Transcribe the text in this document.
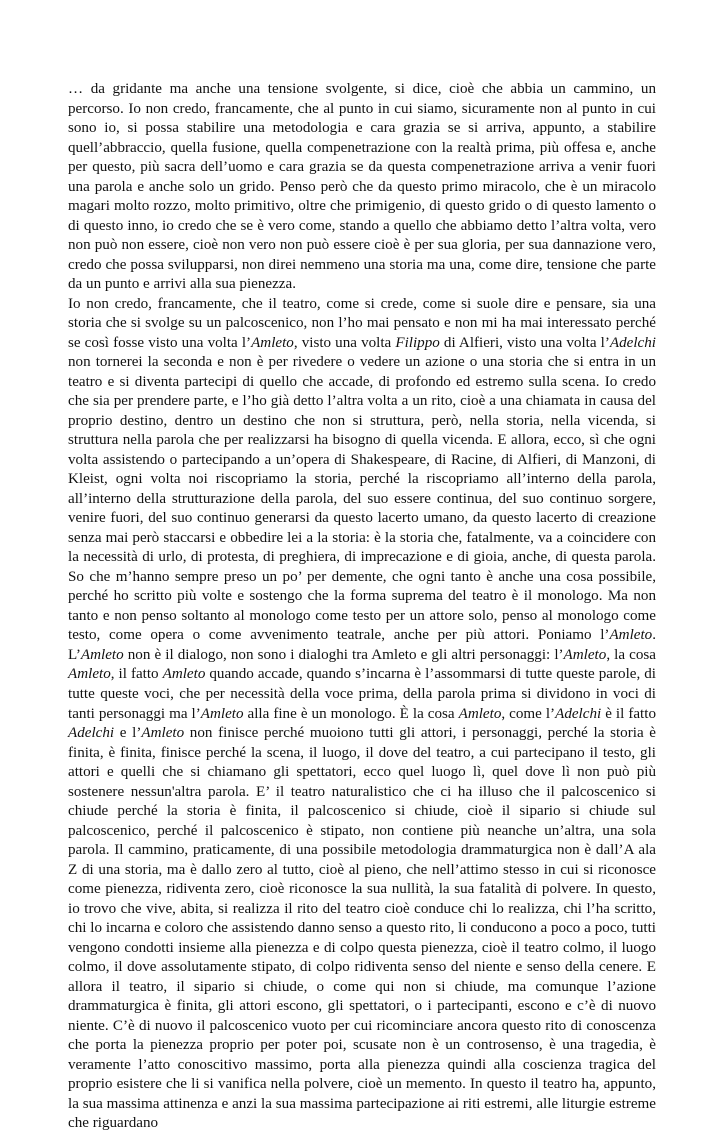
… da gridante ma anche una tensione svolgente, si dice, cioè che abbia un cammino, un percorso. Io non credo, francamente, che al punto in cui siamo, sicuramente non al punto in cui sono io, si possa stabilire una metodologia e cara grazia se si arriva, appunto, a stabilire quell’abbraccio, quella fusione, quella compenetrazione con la realtà prima, più offesa e, anche per questo, più sacra dell’uomo e cara grazia se da questa compenetrazione arriva a venir fuori una parola e anche solo un grido. Penso però che da questo primo miracolo, che è un miracolo magari molto rozzo, molto primitivo, oltre che primigenio, di questo grido o di questo lamento o di questo inno, io credo che se è vero come, stando a quello che abbiamo detto l’altra volta, vero non può non essere, cioè non vero non può essere cioè è per sua gloria, per sua dannazione vero, credo che possa svilupparsi, non direi nemmeno una storia ma una, come dire, tensione che parte da un punto e arrivi alla sua pienezza.

Io non credo, francamente, che il teatro, come si crede, come si suole dire e pensare, sia una storia che si svolge su un palcoscenico, non l’ho mai pensato e non mi ha mai interessato perché se così fosse visto una volta l’Amleto, visto una volta Filippo di Alfieri, visto una volta l’Adelchi non tornerei la seconda e non è per rivedere o vedere un azione o una storia che si entra in un teatro e si diventa partecipi di quello che accade, di profondo ed estremo sulla scena. Io credo che sia per prendere parte, e l’ho già detto l’altra volta a un rito, cioè a una chiamata in causa del proprio destino, dentro un destino che non si struttura, però, nella storia, nella vicenda, si struttura nella parola che per realizzarsi ha bisogno di quella vicenda. E allora, ecco, sì che ogni volta assistendo o partecipando a un’opera di Shakespeare, di Racine, di Alfieri, di Manzoni, di Kleist, ogni volta noi riscopriamo la storia, perché la riscopriamo all’interno della parola, all’interno della strutturazione della parola, del suo essere continua, del suo continuo sorgere, venire fuori, del suo continuo generarsi da questo lacerto umano, da questo lacerto di creazione senza mai però staccarsi e obbedire lei a la storia: è la storia che, fatalmente, va a coincidere con la necessità di urlo, di protesta, di preghiera, di imprecazione e di gioia, anche, di questa parola. So che m’hanno sempre preso un po’ per demente, che ogni tanto è anche una cosa possibile, perché ho scritto più volte e sostengo che la forma suprema del teatro è il monologo. Ma non tanto e non penso soltanto al monologo come testo per un attore solo, penso al monologo come testo, come opera o come avvenimento teatrale, anche per più attori. Poniamo l’Amleto. L’Amleto non è il dialogo, non sono i dialoghi tra Amleto e gli altri personaggi: l’Amleto, la cosa Amleto, il fatto Amleto quando accade, quando s’incarna è l’assommarsi di tutte queste parole, di tutte queste voci, che per necessità della voce prima, della parola prima si dividono in voci di tanti personaggi ma l’Amleto alla fine è un monologo. È la cosa Amleto, come l’Adelchi è il fatto Adelchi e l’Amleto non finisce perché muoiono tutti gli attori, i personaggi, perché la storia è finita, è finita, finisce perché la scena, il luogo, il dove del teatro, a cui partecipano il testo, gli attori e quelli che si chiamano gli spettatori, ecco quel luogo lì, quel dove lì non può più sostenere nessun'altra parola. E’ il teatro naturalistico che ci ha illuso che il palcoscenico si chiude perché la storia è finita, il palcoscenico si chiude, cioè il sipario si chiude sul palcoscenico, perché il palcoscenico è stipato, non contiene più neanche un’altra, una sola parola. Il cammino, praticamente, di una possibile metodologia drammaturgica non è dall’A ala Z di una storia, ma è dallo zero al tutto, cioè al pieno, che nell’attimo stesso in cui si riconosce come pienezza, ridiventa zero, cioè riconosce la sua nullità, la sua fatalità di polvere. In questo, io trovo che vive, abita, si realizza il rito del teatro cioè conduce chi lo realizza, chi l’ha scritto, chi lo incarna e coloro che assistendo danno senso a questo rito, li conducono a poco a poco, tutti vengono condotti insieme alla pienezza e di colpo questa pienezza, cioè il teatro colmo, il luogo colmo, il dove assolutamente stipato, di colpo ridiventa senso del niente e senso della cenere. E allora il teatro, il sipario si chiude, o come qui non si chiude, ma comunque l’azione drammaturgica è finita, gli attori escono, gli spettatori, o i partecipanti, escono e c’è di nuovo niente. C’è di nuovo il palcoscenico vuoto per cui ricominciare ancora questo rito di conoscenza che porta la pienezza proprio per poter poi, scusate non è un controsenso, è una tragedia, è veramente l’atto conoscitivo massimo, porta alla pienezza quindi alla coscienza tragica del proprio esistere che li si vanifica nella polvere, cioè un memento. In questo il teatro ha, appunto, la sua massima attinenza e anzi la sua massima partecipazione ai riti estremi, alle liturgie estreme che riguardano
